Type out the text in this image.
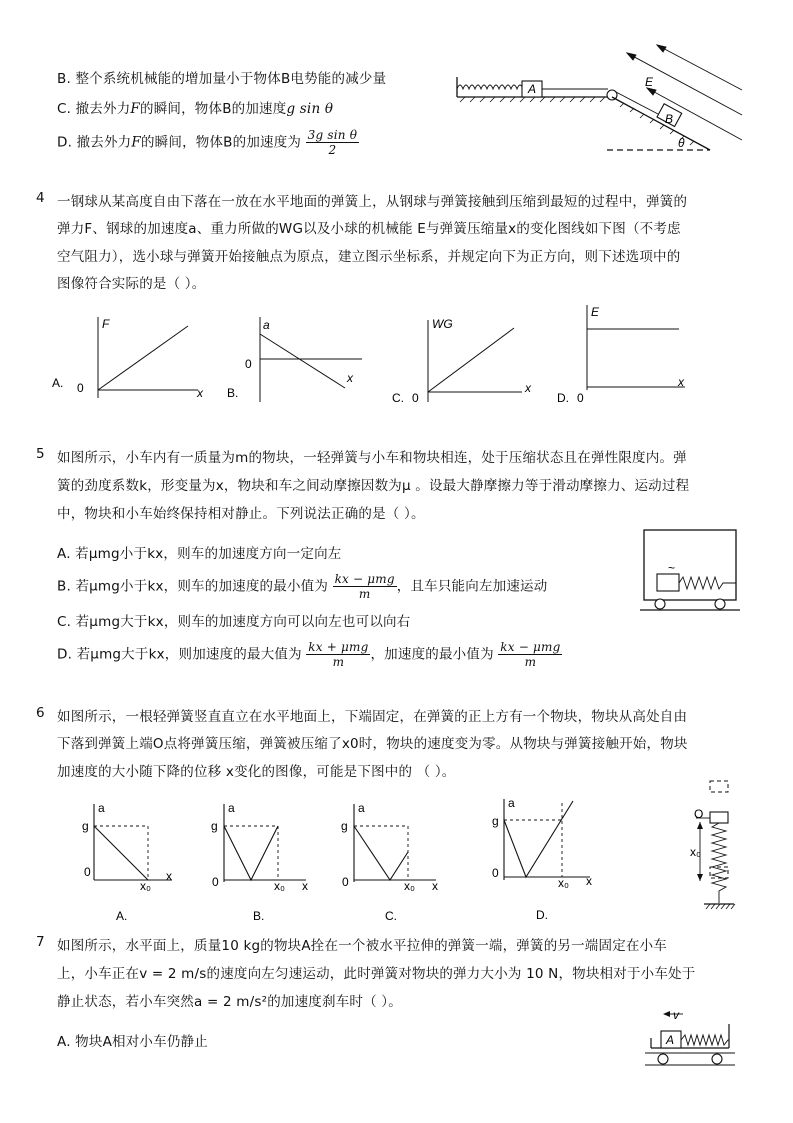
B. 整个系统机械能的增加量小于物体B电势能的减少量
C. 撤去外力F的瞬间，物体B的加速度g sin θ
D. 撤去外力F的瞬间，物体B的加速度为 $\frac{\text{3g sin θ}}{2}$
A
B
θ
E
4 一钢球从某高度自由下落在一放在水平地面的弹簧上，从钢球与弹簧接触到压缩到最短的过程中，弹簧的
弹力F、钢球的加速度a、重力所做的WG以及小球的机械能 E与弹簧压缩量x的变化图线如下图（不考虑
空气阻力），选小球与弹簧开始接触点为原点，建立图示坐标系，并规定向下为正方向，则下述选项中的
图像符合实际的是（ ）。
F
x
0
A.
a
x
0
B.
WG
x
C. 0
E
x
D. 0
5 如图所示，小车内有一质量为m的物块，一轻弹簧与小车和物块相连，处于压缩状态且在弹性限度内。弹
簧的劲度系数k，形变量为x，物块和车之间动摩擦因数为μ 。设最大静摩擦力等于滑动摩擦力、运动过程
中，物块和小车始终保持相对静止。下列说法正确的是（ ）。
A. 若μmg小于kx，则车的加速度方向一定向左
B. 若μmg小于kx，则车的加速度的最小值为 $\frac{\text{kx − μmg}}{m}$ ，且车只能向左加速运动
C. 若μmg大于kx，则车的加速度方向可以向左也可以向右
D. 若μmg大于kx，则加速度的最大值为 $\frac{\text{kx + μmg}}{m}$ ，加速度的最小值为 $\frac{\text{kx − μmg}}{m}$
~
6 如图所示，一根轻弹簧竖直直立在水平地面上，下端固定，在弹簧的正上方有一个物块，物块从高处自由
下落到弹簧上端O点将弹簧压缩，弹簧被压缩了x0时，物块的速度变为零。从物块与弹簧接触开始，物块
加速度的大小随下降的位移 x变化的图像，可能是下图中的 （ ）。
a
g
0
x₀
x
A.
a
g
0	x₀ x
B.
a
g
0	x₀ x
C.
a
g
0
x₀ x
D.
O
x₀
7 如图所示，水平面上，质量10 kg的物块A拴在一个被水平拉伸的弹簧一端，弹簧的另一端固定在小车
上，小车正在v = 2 m/s的速度向左匀速运动，此时弹簧对物块的弹力大小为 10 N，物块相对于小车处于
静止状态，若小车突然a = 2 m/s²的加速度刹车时（ ）。
A. 物块A相对小车仍静止
v
A
